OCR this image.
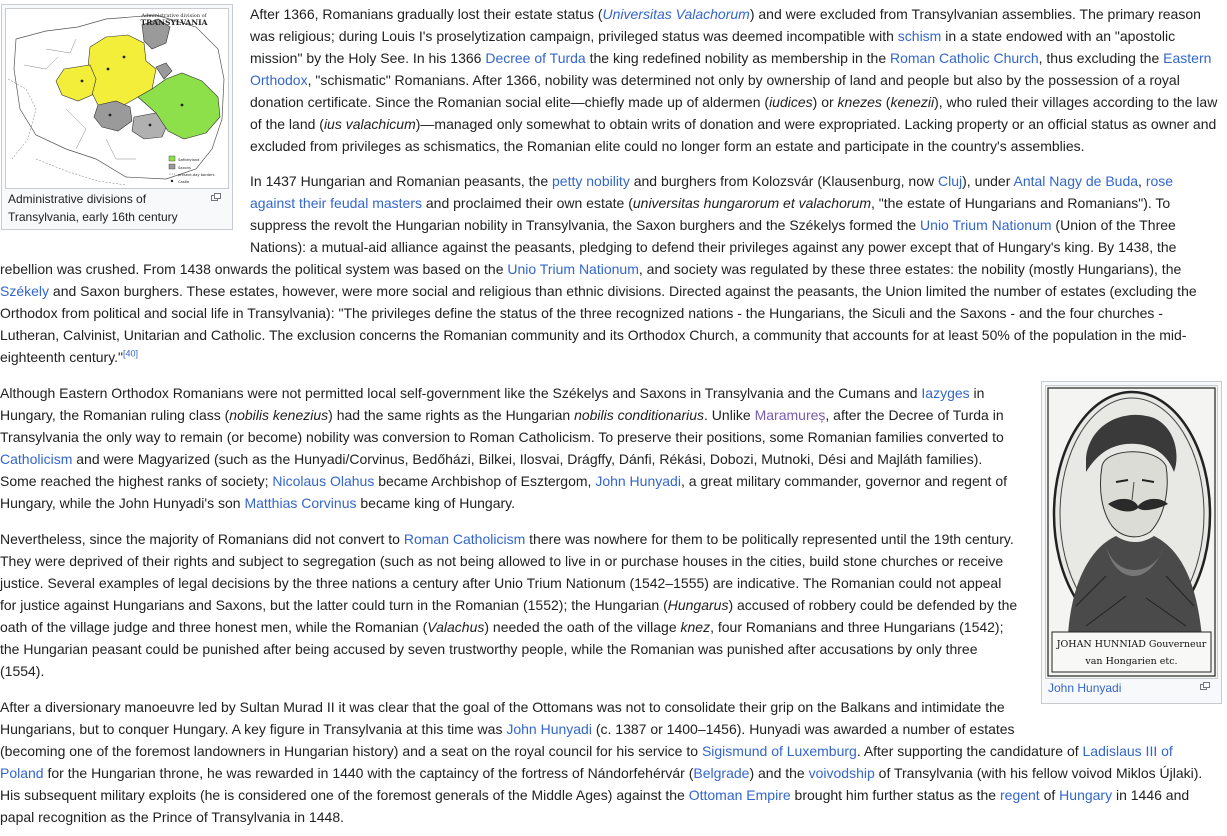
Administrative division of
TRANSYLVANIA
Székelyland
Saxons
present-day borders
Castle
Administrative divisions of
Transylvania, early 16th century
JOHAN HUNNIAD Gouverneur
van Hongarien etc.
John Hunyadi
After 1366, Romanians gradually lost their estate status (Universitas Valachorum) and were excluded from Transylvanian assemblies. The primary reason
was religious; during Louis I's proselytization campaign, privileged status was deemed incompatible with schism in a state endowed with an "apostolic
mission" by the Holy See. In his 1366 Decree of Turda the king redefined nobility as membership in the Roman Catholic Church, thus excluding the Eastern
Orthodox, "schismatic" Romanians. After 1366, nobility was determined not only by ownership of land and people but also by the possession of a royal
donation certificate. Since the Romanian social elite—chiefly made up of aldermen (iudices) or knezes (kenezii), who ruled their villages according to the law
of the land (ius valachicum)—managed only somewhat to obtain writs of donation and were expropriated. Lacking property or an official status as owner and
excluded from privileges as schismatics, the Romanian elite could no longer form an estate and participate in the country's assemblies.
In 1437 Hungarian and Romanian peasants, the petty nobility and burghers from Kolozsvár (Klausenburg, now Cluj), under Antal Nagy de Buda, rose
against their feudal masters and proclaimed their own estate (universitas hungarorum et valachorum, "the estate of Hungarians and Romanians"). To
suppress the revolt the Hungarian nobility in Transylvania, the Saxon burghers and the Székelys formed the Unio Trium Nationum (Union of the Three
Nations): a mutual-aid alliance against the peasants, pledging to defend their privileges against any power except that of Hungary's king. By 1438, the
rebellion was crushed. From 1438 onwards the political system was based on the Unio Trium Nationum, and society was regulated by these three estates: the nobility (mostly Hungarians), the
Székely and Saxon burghers. These estates, however, were more social and religious than ethnic divisions. Directed against the peasants, the Union limited the number of estates (excluding the
Orthodox from political and social life in Transylvania): "The privileges define the status of the three recognized nations - the Hungarians, the Siculi and the Saxons - and the four churches -
Lutheran, Calvinist, Unitarian and Catholic. The exclusion concerns the Romanian community and its Orthodox Church, a community that accounts for at least 50% of the population in the mid-
eighteenth century."[40]
Although Eastern Orthodox Romanians were not permitted local self-government like the Székelys and Saxons in Transylvania and the Cumans and Iazyges in
Hungary, the Romanian ruling class (nobilis kenezius) had the same rights as the Hungarian nobilis conditionarius. Unlike Maramureș, after the Decree of Turda in
Transylvania the only way to remain (or become) nobility was conversion to Roman Catholicism. To preserve their positions, some Romanian families converted to
Catholicism and were Magyarized (such as the Hunyadi/Corvinus, Bedőházi, Bilkei, Ilosvai, Drágffy, Dánfi, Rékási, Dobozi, Mutnoki, Dési and Majláth families).
Some reached the highest ranks of society; Nicolaus Olahus became Archbishop of Esztergom, John Hunyadi, a great military commander, governor and regent of
Hungary, while the John Hunyadi's son Matthias Corvinus became king of Hungary.
Nevertheless, since the majority of Romanians did not convert to Roman Catholicism there was nowhere for them to be politically represented until the 19th century.
They were deprived of their rights and subject to segregation (such as not being allowed to live in or purchase houses in the cities, build stone churches or receive
justice. Several examples of legal decisions by the three nations a century after Unio Trium Nationum (1542–1555) are indicative. The Romanian could not appeal
for justice against Hungarians and Saxons, but the latter could turn in the Romanian (1552); the Hungarian (Hungarus) accused of robbery could be defended by the
oath of the village judge and three honest men, while the Romanian (Valachus) needed the oath of the village knez, four Romanians and three Hungarians (1542);
the Hungarian peasant could be punished after being accused by seven trustworthy people, while the Romanian was punished after accusations by only three
(1554).
After a diversionary manoeuvre led by Sultan Murad II it was clear that the goal of the Ottomans was not to consolidate their grip on the Balkans and intimidate the
Hungarians, but to conquer Hungary. A key figure in Transylvania at this time was John Hunyadi (c. 1387 or 1400–1456). Hunyadi was awarded a number of estates
(becoming one of the foremost landowners in Hungarian history) and a seat on the royal council for his service to Sigismund of Luxemburg. After supporting the candidature of Ladislaus III of
Poland for the Hungarian throne, he was rewarded in 1440 with the captaincy of the fortress of Nándorfehérvár (Belgrade) and the voivodship of Transylvania (with his fellow voivod Miklos Újlaki).
His subsequent military exploits (he is considered one of the foremost generals of the Middle Ages) against the Ottoman Empire brought him further status as the regent of Hungary in 1446 and
papal recognition as the Prince of Transylvania in 1448.
